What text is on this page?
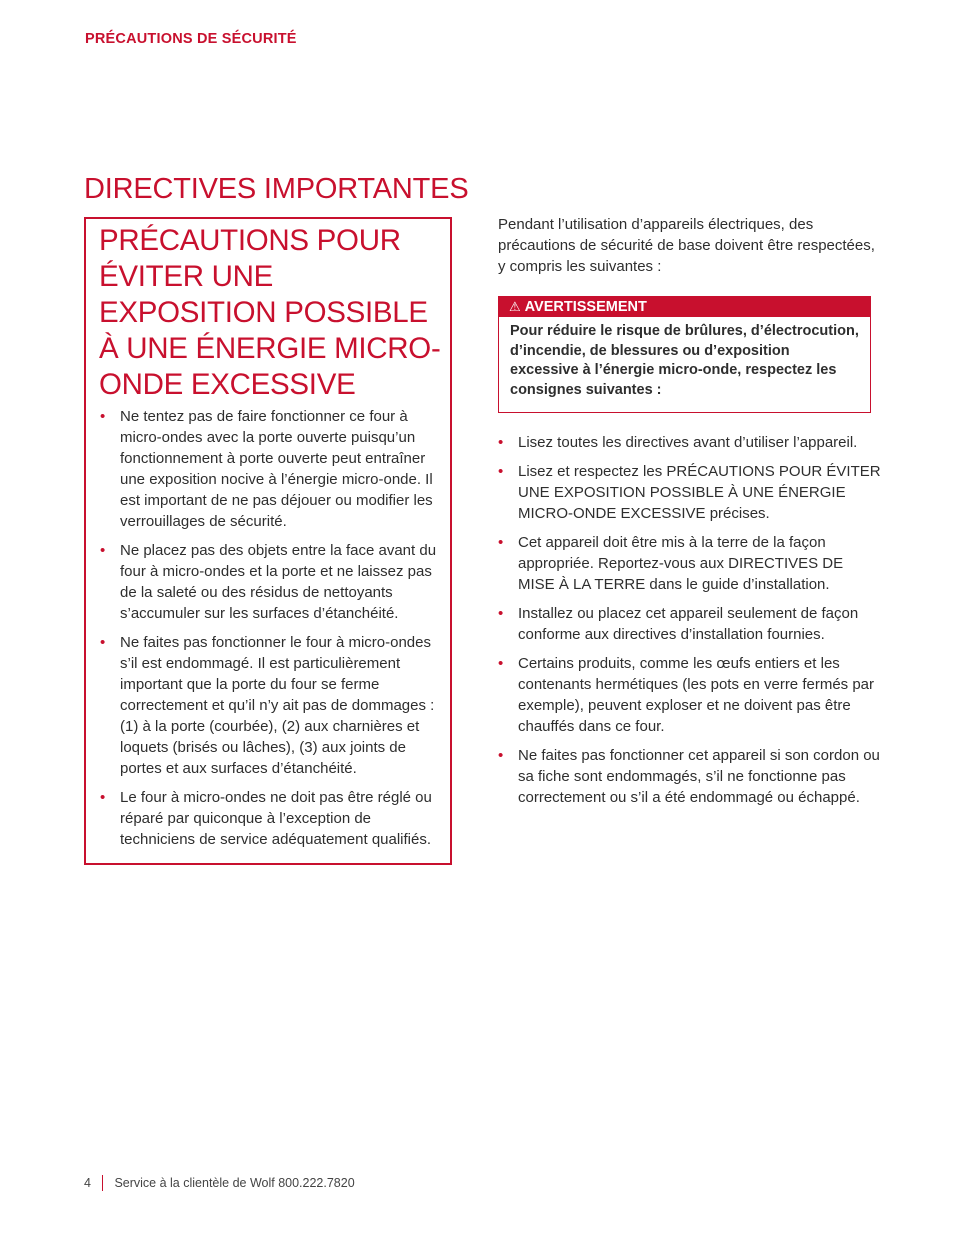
PRÉCAUTIONS DE SÉCURITÉ
DIRECTIVES IMPORTANTES
PRÉCAUTIONS POUR ÉVITER UNE EXPOSITION POSSIBLE À UNE ÉNERGIE MICRO-ONDE EXCESSIVE
• Ne tentez pas de faire fonctionner ce four à micro-ondes avec la porte ouverte puisqu’un fonctionnement à porte ouverte peut entraîner une exposition nocive à l’énergie micro-onde. Il est important de ne pas déjouer ou modifier les verrouillages de sécurité.
• Ne placez pas des objets entre la face avant du four à micro-ondes et la porte et ne laissez pas de la saleté ou des résidus de nettoyants s’accumuler sur les surfaces d’étanchéité.
• Ne faites pas fonctionner le four à micro-ondes s’il est endommagé. Il est particulièrement important que la porte du four se ferme correctement et qu’il n’y ait pas de dommages : (1) à la porte (courbée), (2) aux charnières et loquets (brisés ou lâches), (3) aux joints de portes et aux surfaces d’étanchéité.
• Le four à micro-ondes ne doit pas être réglé ou réparé par quiconque à l’exception de techniciens de service adéquatement qualifiés.
Pendant l’utilisation d’appareils électriques, des précautions de sécurité de base doivent être respectées, y compris les suivantes :
⚠ AVERTISSEMENT
Pour réduire le risque de brûlures, d’électrocution, d’incendie, de blessures ou d’exposition excessive à l’énergie micro-onde, respectez les consignes suivantes :
• Lisez toutes les directives avant d’utiliser l’appareil.
• Lisez et respectez les PRÉCAUTIONS POUR ÉVITER UNE EXPOSITION POSSIBLE À UNE ÉNERGIE MICRO-ONDE EXCESSIVE précises.
• Cet appareil doit être mis à la terre de la façon appropriée. Reportez-vous aux DIRECTIVES DE MISE À LA TERRE dans le guide d’installation.
• Installez ou placez cet appareil seulement de façon conforme aux directives d’installation fournies.
• Certains produits, comme les œufs entiers et les contenants hermétiques (les pots en verre fermés par exemple), peuvent exploser et ne doivent pas être chauffés dans ce four.
• Ne faites pas fonctionner cet appareil si son cordon ou sa fiche sont endommagés, s’il ne fonctionne pas correctement ou s’il a été endommagé ou échappé.
4 Service à la clientèle de Wolf 800.222.7820
